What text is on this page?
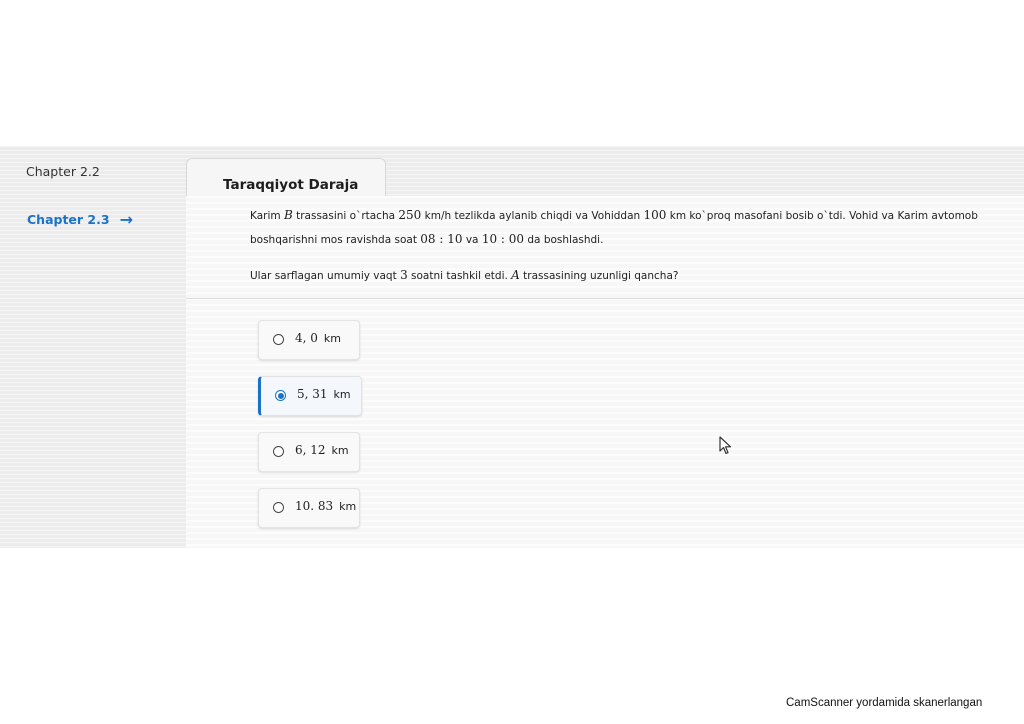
Chapter 2.2
Chapter 2.3 →
Taraqqiyot Daraja
Karim B trassasini o`rtacha 250 km/h tezlikda aylanib chiqdi va Vohiddan 100 km ko`proq masofani bosib o`tdi. Vohid va Karim avtomob
boshqarishni mos ravishda soat 08 : 10 va 10 : 00 da boshlashdi.
Ular sarflagan umumiy vaqt 3 soatni tashkil etdi. A trassasining uzunligi qancha?
4, 0 km
5, 31 km
6, 12 km
10. 83 km
CamScanner yordamida skanerlangan
